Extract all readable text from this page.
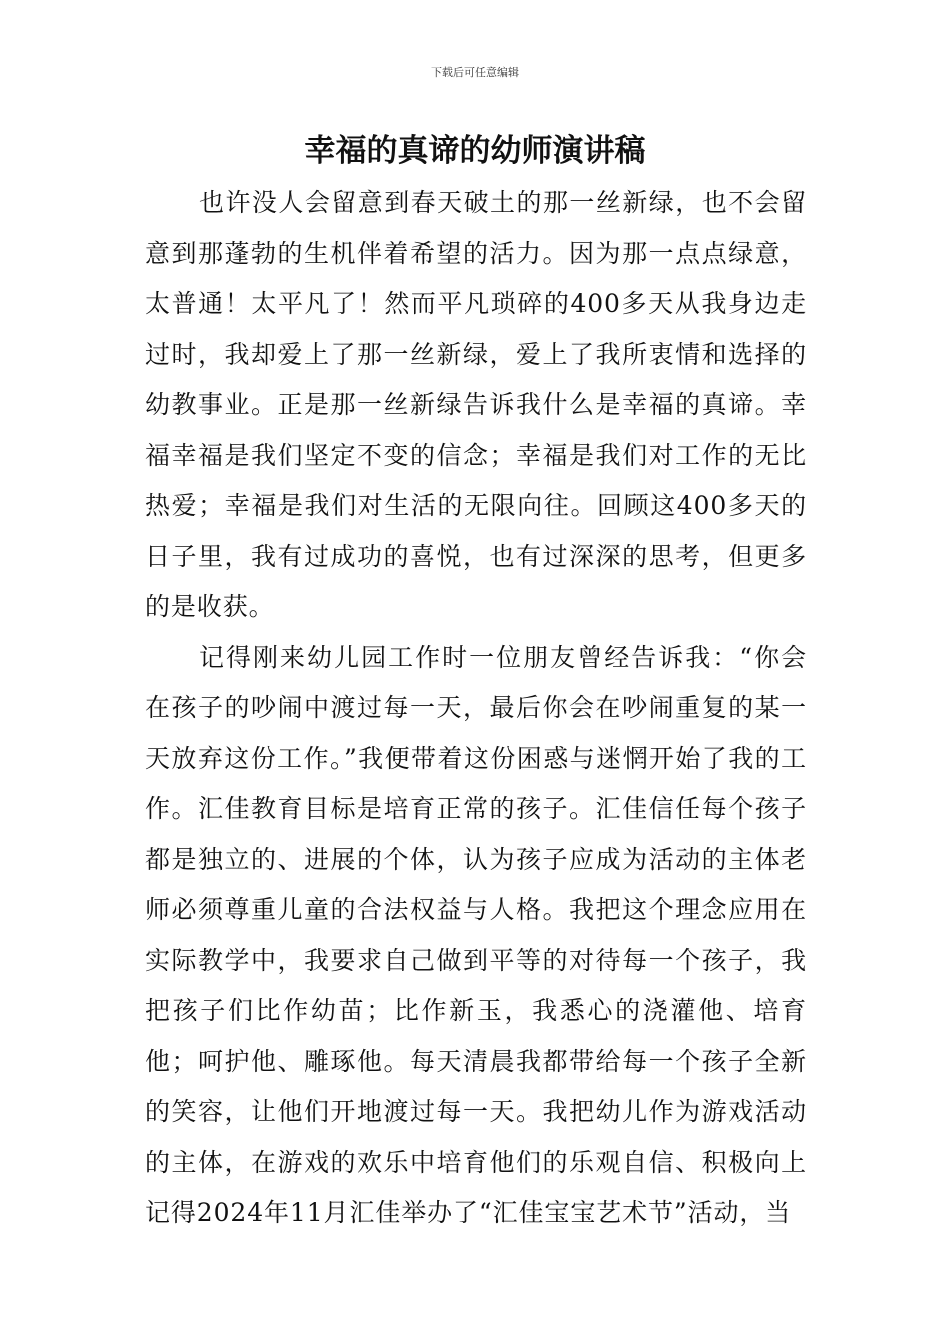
下载后可任意编辑
幸福的真谛的幼师演讲稿

也许没人会留意到春天破土的那一丝新绿，也不会留意到那蓬勃的生机伴着希望的活力。因为那一点点绿意，太普通！太平凡了！然而平凡琐碎的400多天从我身边走过时，我却爱上了那一丝新绿，爱上了我所衷情和选择的幼教事业。正是那一丝新绿告诉我什么是幸福的真谛。幸福幸福是我们坚定不变的信念；幸福是我们对工作的无比热爱；幸福是我们对生活的无限向往。回顾这400多天的日子里，我有过成功的喜悦，也有过深深的思考，但更多的是收获。

记得刚来幼儿园工作时一位朋友曾经告诉我：“你会在孩子的吵闹中渡过每一天，最后你会在吵闹重复的某一天放弃这份工作。”我便带着这份困惑与迷惘开始了我的工作。汇佳教育目标是培育正常的孩子。汇佳信任每个孩子都是独立的、进展的个体，认为孩子应成为活动的主体老师必须尊重儿童的合法权益与人格。我把这个理念应用在实际教学中，我要求自己做到平等的对待每一个孩子，我把孩子们比作幼苗；比作新玉，我悉心的浇灌他、培育他；呵护他、雕琢他。每天清晨我都带给每一个孩子全新的笑容，让他们开地渡过每一天。我把幼儿作为游戏活动的主体，在游戏的欢乐中培育他们的乐观自信、积极向上记得2024年11月汇佳举办了“汇佳宝宝艺术节”活动，当
